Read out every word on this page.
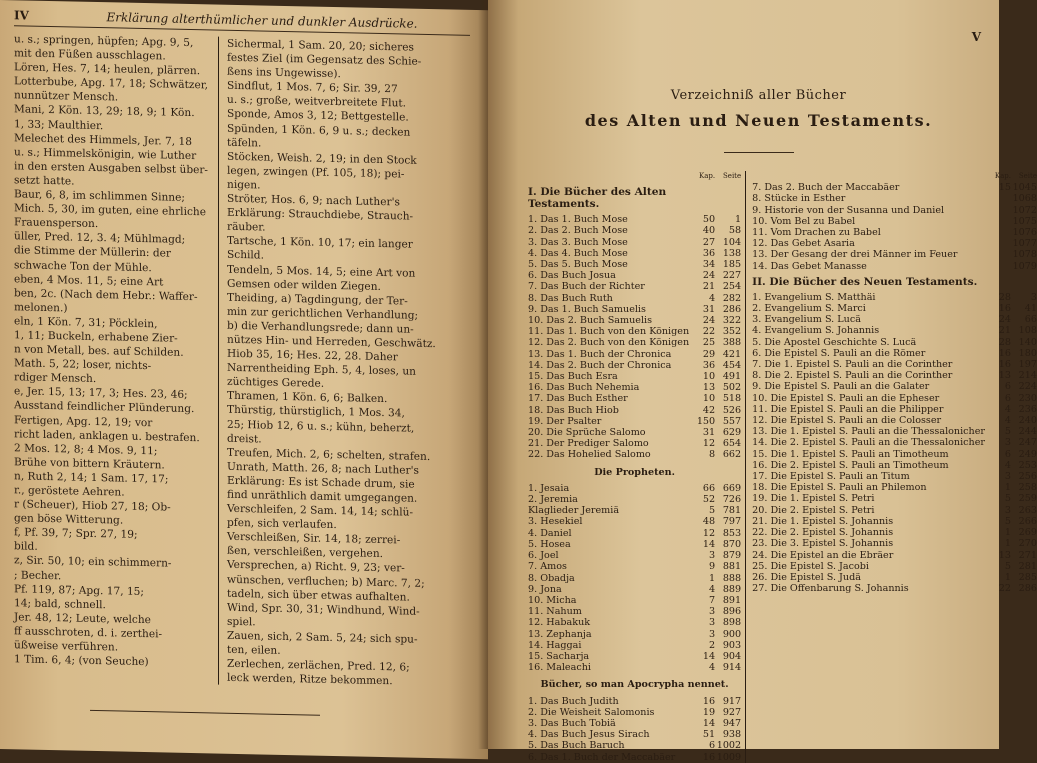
IV	Erklärung alterthümlicher und dunkler Ausdrücke.

u. s.; springen, hüpfen; Apg. 9, 5,

mit den Füßen ausschlagen.

Lören, Hes. 7, 14; heulen, plärren.

Lotterbube, Apg. 17, 18; Schwätzer,

nunnützer Mensch.

Mani, 2 Kön. 13, 29; 18, 9; 1 Kön.

1, 33; Maulthier.

Melechet des Himmels, Jer. 7, 18

u. s.; Himmelskönigin, wie Luther

in den ersten Ausgaben selbst über-

setzt hatte.

Baur, 6, 8, im schlimmen Sinne;

Mich. 5, 30, im guten, eine ehrliche

Frauensperson.

üller, Pred. 12, 3. 4; Mühlmagd;

die Stimme der Müllerin: der

schwache Ton der Mühle.

eben, 4 Mos. 11, 5; eine Art

ben, 2c. (Nach dem Hebr.: Waffer-

melonen.)

eln, 1 Kön. 7, 31; Pöcklein,

1, 11; Buckeln, erhabene Zier-

n von Metall, bes. auf Schilden.

Math. 5, 22; loser, nichts-

rdiger Mensch.

e, Jer. 15, 13; 17, 3; Hes. 23, 46;

Ausstand feindlicher Plünderung.

Fertigen, Apg. 12, 19; vor

richt laden, anklagen u. bestrafen.

2 Mos. 12, 8; 4 Mos. 9, 11;

Brühe von bittern Kräutern.

n, Ruth 2, 14; 1 Sam. 17, 17;

r., geröstete Aehren.

r (Scheuer), Hiob 27, 18; Ob-

gen böse Witterung.

f, Pf. 39, 7; Spr. 27, 19;

bild.

z, Sir. 50, 10; ein schimmern-

; Becher.

Pf. 119, 87; Apg. 17, 15;

14; bald, schnell.

Jer. 48, 12; Leute, welche

ff ausschroten, d. i. zerthei-

üßweise verführen.

1 Tim. 6, 4; (von Seuche)

Sichermal, 1 Sam. 20, 20; sicheres

festes Ziel (im Gegensatz des Schie-

ßens ins Ungewisse).

Sindflut, 1 Mos. 7, 6; Sir. 39, 27

u. s.; große, weitverbreitete Flut.

Sponde, Amos 3, 12; Bettgestelle.

Spünden, 1 Kön. 6, 9 u. s.; decken

täfeln.

Stöcken, Weish. 2, 19; in den Stock

legen, zwingen (Pf. 105, 18); pei-

nigen.

Ströter, Hos. 6, 9; nach Luther's

Erklärung: Strauchdiebe, Strauch-

räuber.

Tartsche, 1 Kön. 10, 17; ein langer

Schild.

Tendeln, 5 Mos. 14, 5; eine Art von

Gemsen oder wilden Ziegen.

Theiding, a) Tagdingung, der Ter-

min zur gerichtlichen Verhandlung;

b) die Verhandlungsrede; dann un-

nützes Hin- und Herreden, Geschwätz.

Hiob 35, 16; Hes. 22, 28. Daher

Narrentheiding Eph. 5, 4, loses, un

züchtiges Gerede.

Thramen, 1 Kön. 6, 6; Balken.

Thürstig, thürstiglich, 1 Mos. 34,

25; Hiob 12, 6 u. s.; kühn, beherzt,

dreist.

Treufen, Mich. 2, 6; schelten, strafen.

Unrath, Matth. 26, 8; nach Luther's

Erklärung: Es ist Schade drum, sie

find unräthlich damit umgegangen.

Verschleifen, 2 Sam. 14, 14; schlü-

pfen, sich verlaufen.

Verschleißen, Sir. 14, 18; zerrei-

ßen, verschleißen, vergehen.

Versprechen, a) Richt. 9, 23; ver-

wünschen, verfluchen; b) Marc. 7, 2;

tadeln, sich über etwas aufhalten.

Wind, Spr. 30, 31; Windhund, Wind-

spiel.

Zauen, sich, 2 Sam. 5, 24; sich spu-

ten, eilen.

Zerlechen, zerlächen, Pred. 12, 6;

leck werden, Ritze bekommen.

V
Verzeichniß aller Bücher
des Alten und Neuen Testaments.
Kap.	Seite
I. Die Bücher des Alten Testaments.
1. Das 1. Buch Mose	50	1
2. Das 2. Buch Mose	40	58
3. Das 3. Buch Mose	27 104
4. Das 4. Buch Mose	36 138
5. Das 5. Buch Mose	34 185
6. Das Buch Josua	24 227
7. Das Buch der Richter	21 254
8. Das Buch Ruth	4 282
9. Das 1. Buch Samuelis	31 286
10. Das 2. Buch Samuelis	24 322
11. Das 1. Buch von den Königen	22 352
12. Das 2. Buch von den Königen	25 388
13. Das 1. Buch der Chronica	29 421
14. Das 2. Buch der Chronica	36 454
15. Das Buch Esra	10 491
16. Das Buch Nehemia	13 502
17. Das Buch Esther	10 518
18. Das Buch Hiob	42 526
19. Der Psalter	150 557
20. Die Sprüche Salomo	31 629
21. Der Prediger Salomo	12 654
22. Das Hohelied Salomo	8 662
Die Propheten.
1. Jesaia	66 669
2. Jeremia	52 726
Klaglieder Jeremiä	5 781
3. Hesekiel	48 797
4. Daniel	12 853
5. Hosea	14 870
6. Joel	3 879
7. Amos	9 881
8. Obadja	1 888
9. Jona	4 889
10. Micha	7 891
11. Nahum	3 896
12. Habakuk	3 898
13. Zephanja	3 900
14. Haggai	2 903
15. Sacharja	14 904
16. Maleachi	4 914
Bücher, so man Apocrypha nennet.
1. Das Buch Judith	16 917
2. Die Weisheit Salomonis	19 927
3. Das Buch Tobiä	14 947
4. Das Buch Jesus Sirach	51 938
5. Das Buch Baruch	6 1002
6. Das 1. Buch der Maccabäer	16 1009
Kap.	Seite
7. Das 2. Buch der Maccabäer	15 1045
8. Stücke in Esther	1068
9. Historie von der Susanna und Daniel	1072
10. Vom Bel zu Babel	1075
11. Vom Drachen zu Babel	1076
12. Das Gebet Asaria	1077
13. Der Gesang der drei Männer im Feuer	1078
14. Das Gebet Manasse	1079
II. Die Bücher des Neuen Testaments.
1. Evangelium S. Matthäi	28	3
2. Evangelium S. Marci	16	41
3. Evangelium S. Lucä	24	66
4. Evangelium S. Johannis	21 108
5. Die Apostel Geschichte S. Lucä	28 140
6. Die Epistel S. Pauli an die Römer	16 180
7. Die 1. Epistel S. Pauli an die Corinther	16 197
8. Die 2. Epistel S. Pauli an die Corinther	13 214
9. Die Epistel S. Pauli an die Galater	6 224
10. Die Epistel S. Pauli an die Epheser	6 230
11. Die Epistel S. Pauli an die Philipper	4 236
12. Die Epistel S. Pauli an die Colosser	4 240
13. Die 1. Epistel S. Pauli an die Thessalonicher	5 244
14. Die 2. Epistel S. Pauli an die Thessalonicher	3 247
15. Die 1. Epistel S. Pauli an Timotheum	6 249
16. Die 2. Epistel S. Pauli an Timotheum	4 253
17. Die Epistel S. Pauli an Titum	3 256
18. Die Epistel S. Pauli an Philemon	1 258
19. Die 1. Epistel S. Petri	5 259
20. Die 2. Epistel S. Petri	3 263
21. Die 1. Epistel S. Johannis	5 266
22. Die 2. Epistel S. Johannis	1 269
23. Die 3. Epistel S. Johannis	1 270
24. Die Epistel an die Ebräer	13 271
25. Die Epistel S. Jacobi	5 281
26. Die Epistel S. Judä	1 285
27. Die Offenbarung S. Johannis	22 286
